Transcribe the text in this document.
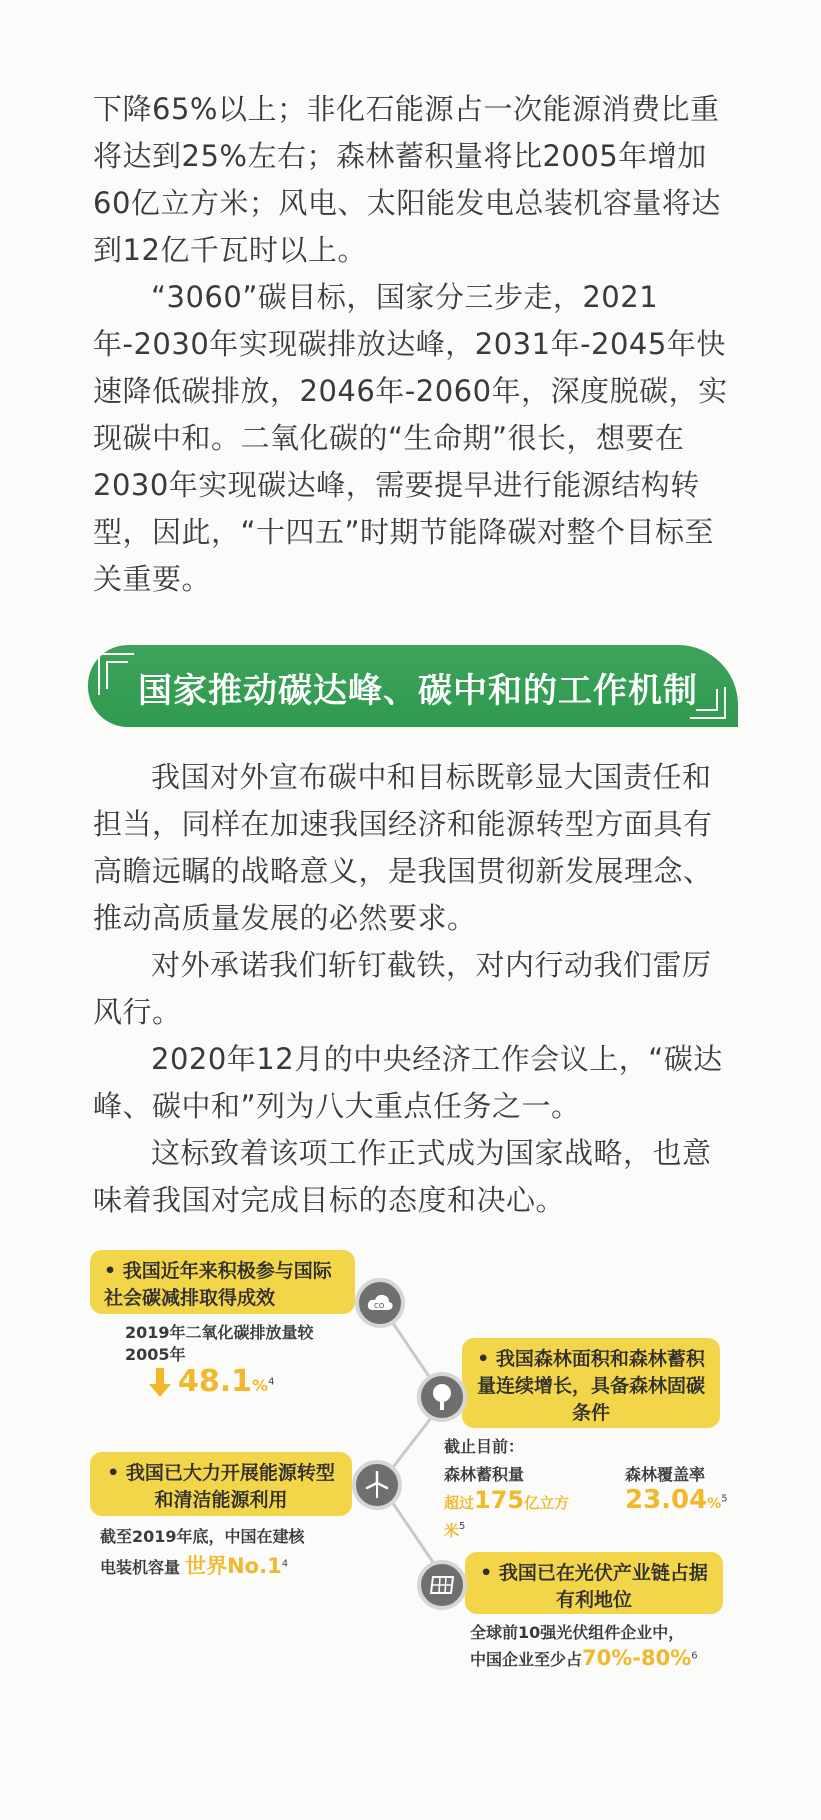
下降65%以上；非化石能源占一次能源消费比重将达到25%左右；森林蓄积量将比2005年增加60亿立方米；风电、太阳能发电总装机容量将达到12亿千瓦时以上。

“3060”碳目标，国家分三步走，2021年-2030年实现碳排放达峰，2031年-2045年快速降低碳排放，2046年-2060年，深度脱碳，实现碳中和。二氧化碳的“生命期”很长，想要在2030年实现碳达峰，需要提早进行能源结构转型，因此，“十四五”时期节能降碳对整个目标至关重要。

国家推动碳达峰、碳中和的工作机制

我国对外宣布碳中和目标既彰显大国责任和担当，同样在加速我国经济和能源转型方面具有高瞻远瞩的战略意义，是我国贯彻新发展理念、推动高质量发展的必然要求。

对外承诺我们斩钉截铁，对内行动我们雷厉风行。

2020年12月的中央经济工作会议上，“碳达峰、碳中和”列为八大重点任务之一。

这标致着该项工作正式成为国家战略，也意味着我国对完成目标的态度和决心。

• 我国近年来积极参与国际社会碳减排取得成效	CO
2019年二氧化碳排放量较2005年
48.1%$^4$
• 我国森林面积和森林蓄积量连续增长，具备森林固碳条件
截止目前：
森林蓄积量
超过175亿立方米$^5$
森林覆盖率
23.04%$^5$
• 我国已大力开展能源转型和清洁能源利用
截至2019年底，中国在建核
电装机容量 世界$No.1^4$	• 我国已在光伏产业链占据有利地位
全球前10强光伏组件企业中，
中国企业至少占70%-80%$^6$
